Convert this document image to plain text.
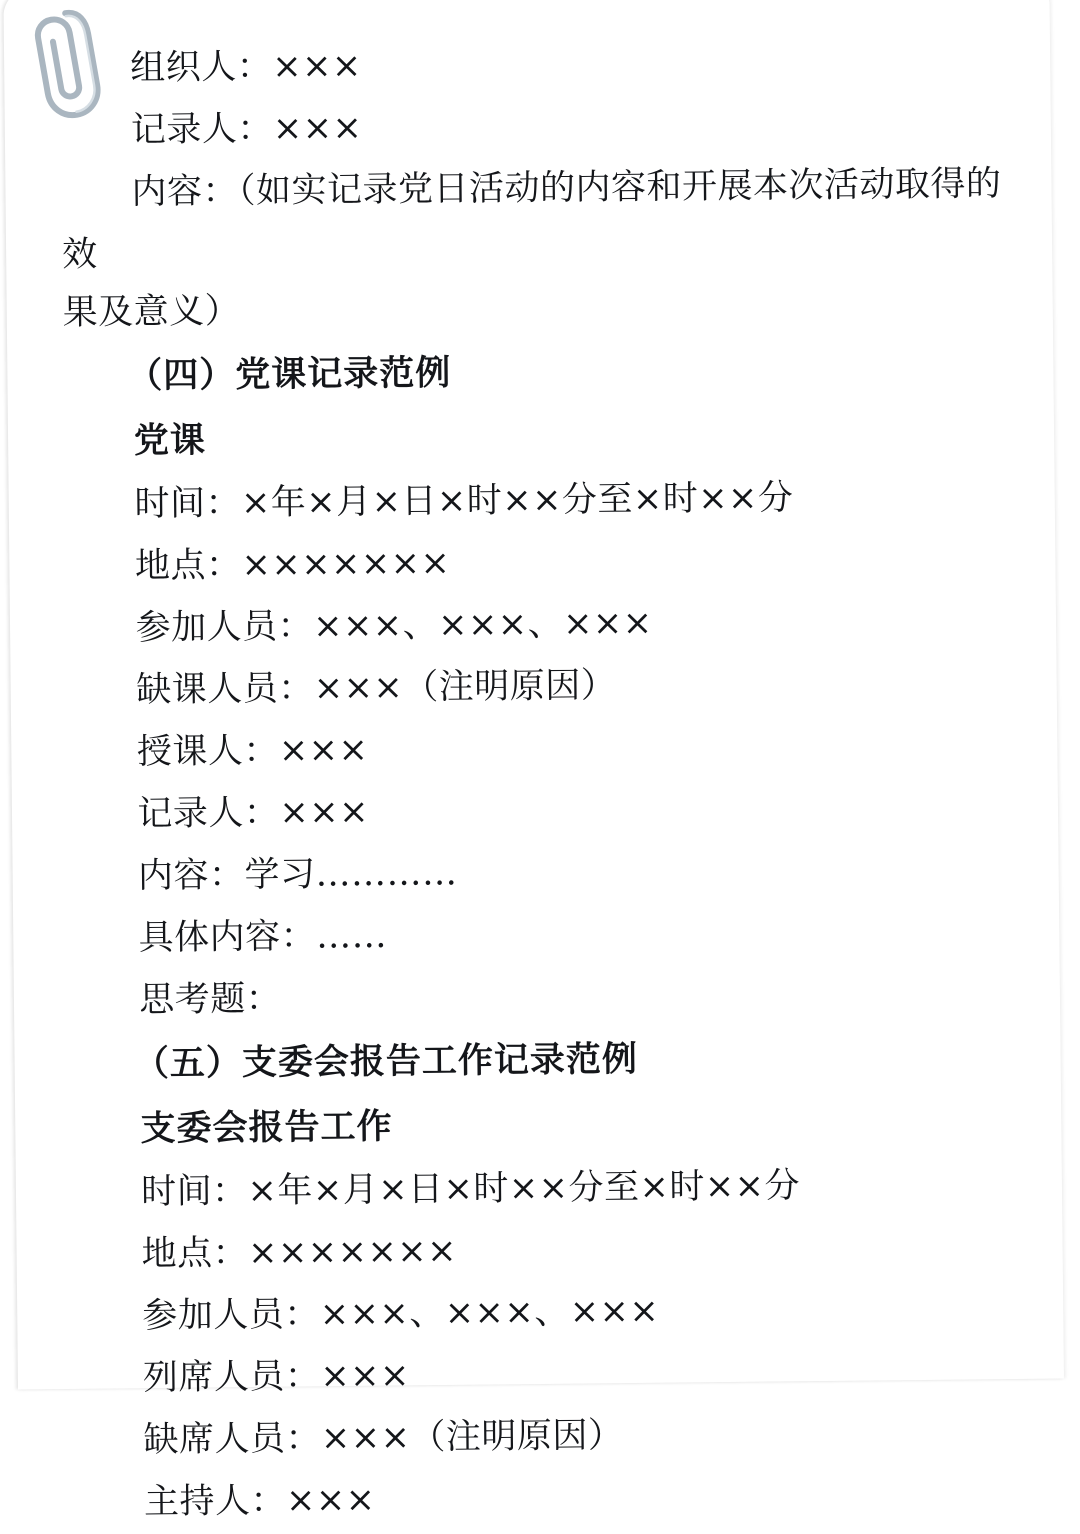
组织人：×××
记录人：×××
内容：（如实记录党日活动的内容和开展本次活动取得的效
果及意义）
（四）党课记录范例
党课
时间：×年×月×日×时××分至×时××分
地点：×××××××
参加人员：×××、×××、×××
缺课人员：×××（注明原因）
授课人：×××
记录人：×××
内容：学习…………
具体内容：……
思考题：
（五）支委会报告工作记录范例
支委会报告工作
时间：×年×月×日×时××分至×时××分
地点：×××××××
参加人员：×××、×××、×××
列席人员：×××
缺席人员：×××（注明原因）
主持人：×××
